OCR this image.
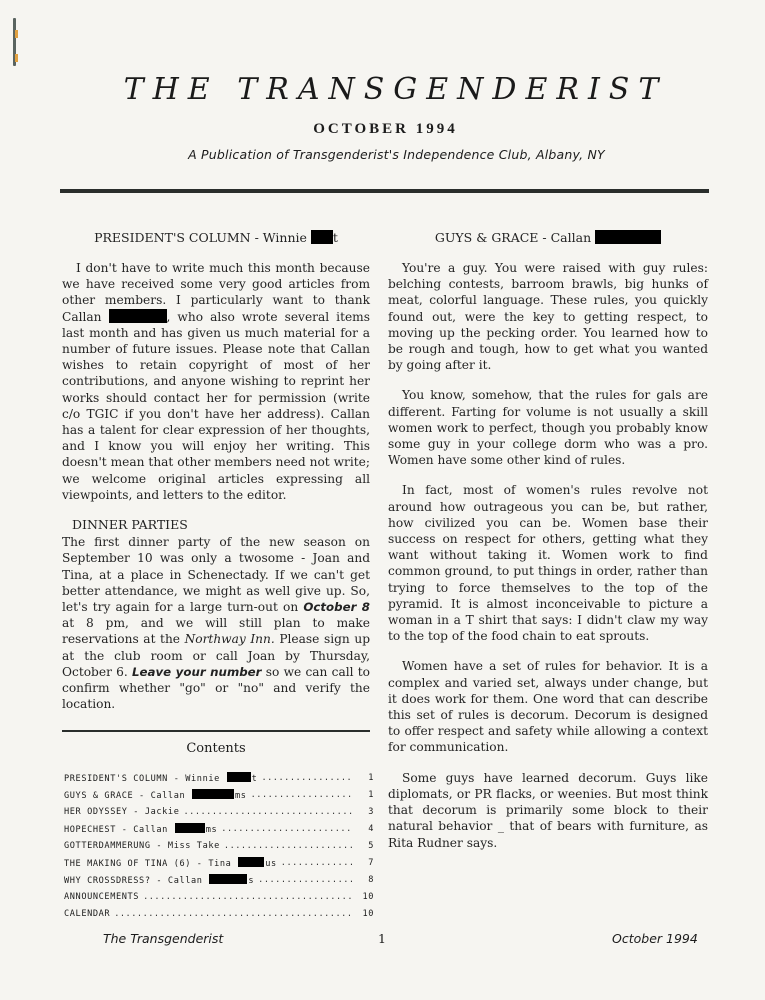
THE TRANSGENDERIST
OCTOBER 1994
A Publication of Transgenderist's Independence Club, Albany, NY
PRESIDENT'S COLUMN - Winnie t

I don't have to write much this month because we have received some very good articles from other members. I particularly want to thank Callan	, who also wrote several items last month and has given us much material for a number of future issues. Please note that Callan wishes to retain copyright of most of her contributions, and anyone wishing to reprint her works should contact her for permission (write c/o TGIC if you don't have her address). Callan has a talent for clear expression of her thoughts, and I know you will enjoy her writing. This doesn't mean that other members need not write; we welcome original articles expressing all viewpoints, and letters to the editor.

DINNER PARTIES

The first dinner party of the new season on September 10 was only a twosome - Joan and Tina, at a place in Schenectady. If we can't get better attendance, we might as well give up. So, let's try again for a large turn-out on October 8 at 8 pm, and we will still plan to make reservations at the Northway Inn. Please sign up at the club room or call Joan by Thursday, October 6. Leave your number so we can call to confirm whether "go" or "no" and verify the location.

Contents
PRESIDENT'S COLUMN - Winnie	t .....	1
GUYS & GRACE - Callan	ms .....	1
HER ODYSSEY - Jackie .....	3
HOPECHEST - Callan	ms .....	4
GOTTERDAMMERUNG - Miss Take .....	5
THE MAKING OF TINA (6) - Tina	us .....	7
WHY CROSSDRESS? - Callan	s .....	8
ANNOUNCEMENTS .....	10
CALENDAR .....	10
GUYS & GRACE - Callan

You're a guy. You were raised with guy rules: belching contests, barroom brawls, big hunks of meat, colorful language. These rules, you quickly found out, were the key to getting respect, to moving up the pecking order. You learned how to be rough and tough, how to get what you wanted by going after it.

You know, somehow, that the rules for gals are different. Farting for volume is not usually a skill women work to perfect, though you probably know some guy in your college dorm who was a pro. Women have some other kind of rules.

In fact, most of women's rules revolve not around how outrageous you can be, but rather, how civilized you can be. Women base their success on respect for others, getting what they want without taking it. Women work to find common ground, to put things in order, rather than trying to force themselves to the top of the pyramid. It is almost inconceivable to picture a woman in a T shirt that says: I didn't claw my way to the top of the food chain to eat sprouts.

Women have a set of rules for behavior. It is a complex and varied set, always under change, but it does work for them. One word that can describe this set of rules is decorum. Decorum is designed to offer respect and safety while allowing a context for communication.

Some guys have learned decorum. Guys like diplomats, or PR flacks, or weenies. But most think that decorum is primarily some block to their natural behavior _ that of bears with furniture, as Rita Rudner says.

The Transgenderist	1	October 1994
